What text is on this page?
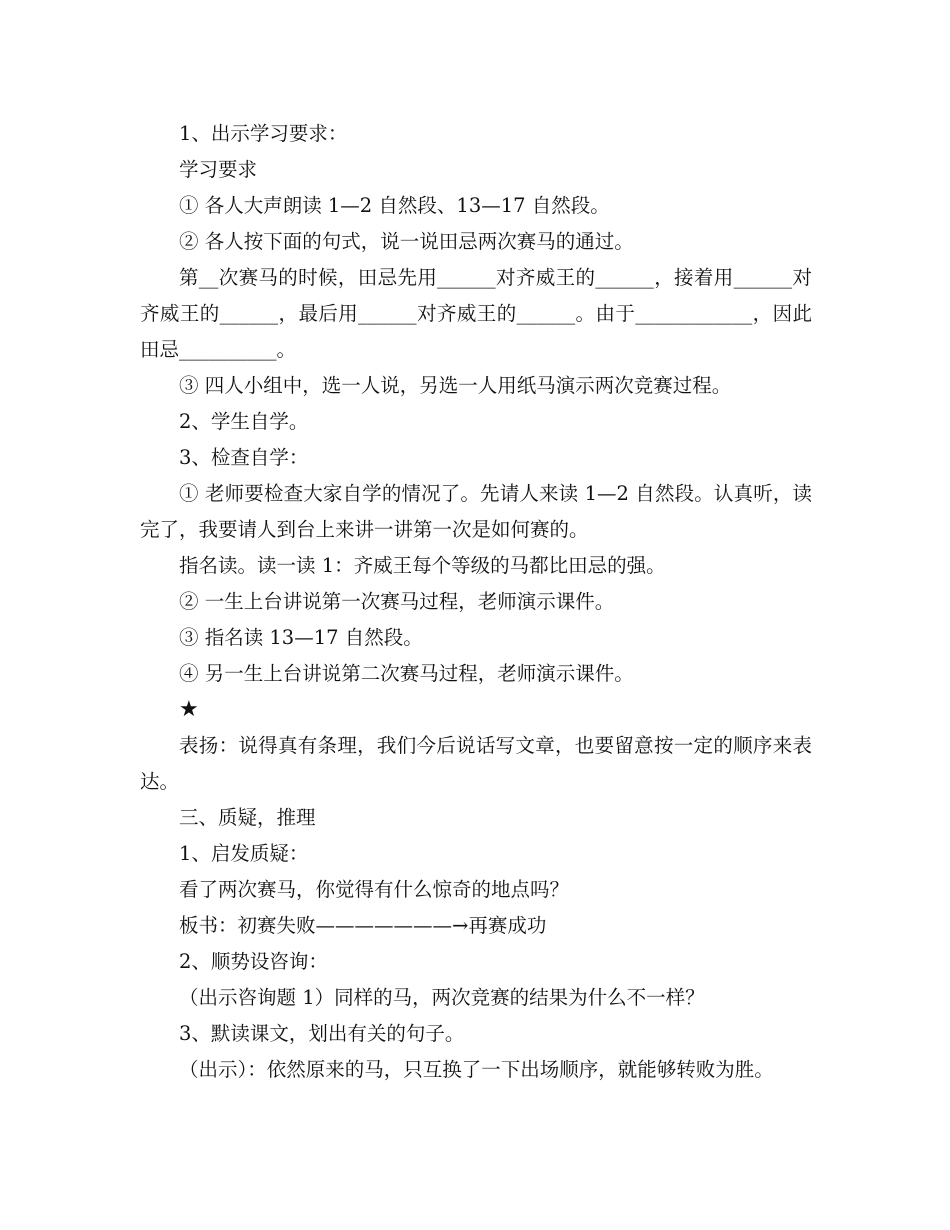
1、出示学习要求：

学习要求

① 各人大声朗读 1—2 自然段、13—17 自然段。

② 各人按下面的句式，说一说田忌两次赛马的通过。

第__次赛马的时候，田忌先用______对齐威王的______，接着用______对齐威王的______，最后用______对齐威王的______。由于____________，因此田忌__________。

③ 四人小组中，选一人说，另选一人用纸马演示两次竞赛过程。

2、学生自学。

3、检查自学：

① 老师要检查大家自学的情况了。先请人来读 1—2 自然段。认真听，读完了，我要请人到台上来讲一讲第一次是如何赛的。

指名读。读一读 1：齐威王每个等级的马都比田忌的强。

② 一生上台讲说第一次赛马过程，老师演示课件。

③ 指名读 13—17 自然段。

④ 另一生上台讲说第二次赛马过程，老师演示课件。

★

表扬：说得真有条理，我们今后说话写文章，也要留意按一定的顺序来表达。

三、质疑，推理

1、启发质疑：

看了两次赛马，你觉得有什么惊奇的地点吗？

板书：初赛失败———————→再赛成功

2、顺势设咨询：

（出示咨询题 1）同样的马，两次竞赛的结果为什么不一样？

3、默读课文，划出有关的句子。

（出示）：依然原来的马，只互换了一下出场顺序，就能够转败为胜。
